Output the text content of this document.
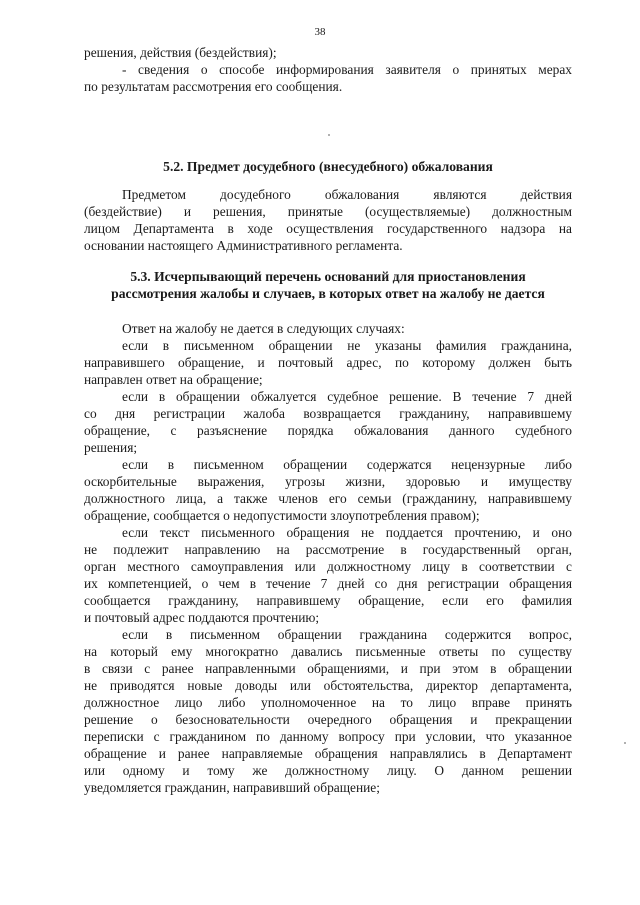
38
решения, действия (бездействия);
- сведения о способе информирования заявителя о принятых мерах
по результатам рассмотрения его сообщения.
5.2. Предмет досудебного (внесудебного) обжалования
Предметом досудебного обжалования являются действия
(бездействие) и решения, принятые (осуществляемые) должностным
лицом Департамента в ходе осуществления государственного надзора на
основании настоящего Административного регламента.
5.3. Исчерпывающий перечень оснований для приостановления
рассмотрения жалобы и случаев, в которых ответ на жалобу не дается
Ответ на жалобу не дается в следующих случаях:
если в письменном обращении не указаны фамилия гражданина,
направившего обращение, и почтовый адрес, по которому должен быть
направлен ответ на обращение;
если в обращении обжалуется судебное решение. В течение 7 дней
со дня регистрации жалоба возвращается гражданину, направившему
обращение, с разъяснение порядка обжалования данного судебного
решения;
если в письменном обращении содержатся нецензурные либо
оскорбительные выражения, угрозы жизни, здоровью и имуществу
должностного лица, а также членов его семьи (гражданину, направившему
обращение, сообщается о недопустимости злоупотребления правом);
если текст письменного обращения не поддается прочтению, и оно
не подлежит направлению на рассмотрение в государственный орган,
орган местного самоуправления или должностному лицу в соответствии с
их компетенцией, о чем в течение 7 дней со дня регистрации обращения
сообщается гражданину, направившему обращение, если его фамилия
и почтовый адрес поддаются прочтению;
если в письменном обращении гражданина содержится вопрос,
на который ему многократно давались письменные ответы по существу
в связи с ранее направленными обращениями, и при этом в обращении
не приводятся новые доводы или обстоятельства, директор департамента,
должностное лицо либо уполномоченное на то лицо вправе принять
решение о безосновательности очередного обращения и прекращении
переписки с гражданином по данному вопросу при условии, что указанное
обращение и ранее направляемые обращения направлялись в Департамент
или одному и тому же должностному лицу. О данном решении
уведомляется гражданин, направивший обращение;
